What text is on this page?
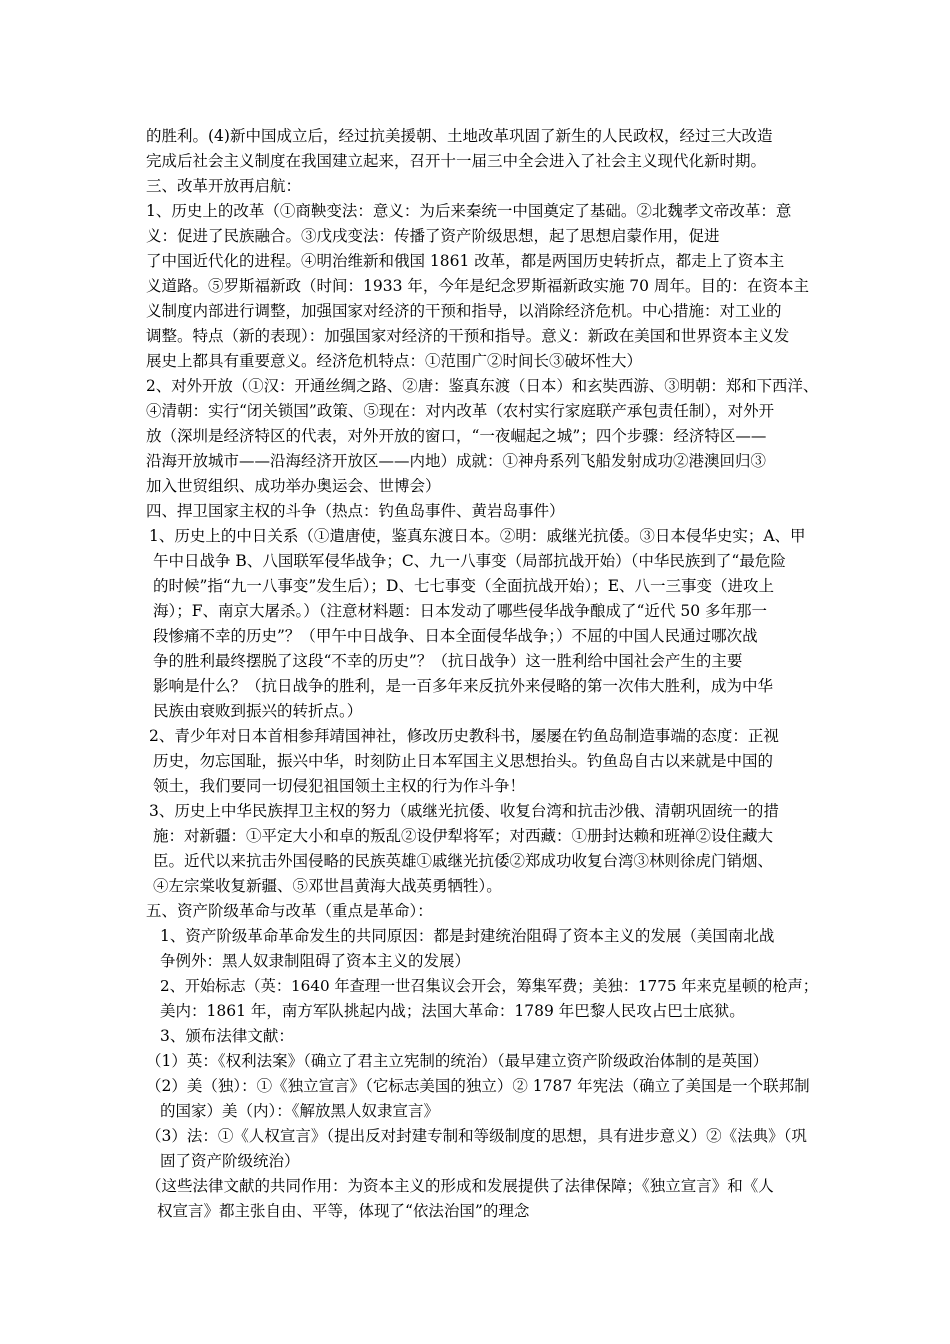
的胜利。(4)新中国成立后，经过抗美援朝、土地改革巩固了新生的人民政权，经过三大改造
完成后社会主义制度在我国建立起来，召开十一届三中全会进入了社会主义现代化新时期。
三、改革开放再启航：
1、历史上的改革（①商鞅变法：意义：为后来秦统一中国奠定了基础。②北魏孝文帝改革：意
义：促进了民族融合。③戊戌变法：传播了资产阶级思想，起了思想启蒙作用，促进
了中国近代化的进程。④明治维新和俄国 1861 改革，都是两国历史转折点，都走上了资本主
义道路。⑤罗斯福新政（时间：1933 年，今年是纪念罗斯福新政实施 70 周年。目的：在资本主
义制度内部进行调整，加强国家对经济的干预和指导，以消除经济危机。中心措施：对工业的
调整。特点（新的表现）：加强国家对经济的干预和指导。意义：新政在美国和世界资本主义发
展史上都具有重要意义。经济危机特点：①范围广②时间长③破坏性大）
2、对外开放（①汉：开通丝绸之路、②唐：鉴真东渡（日本）和玄奘西游、③明朝：郑和下西洋、
④清朝：实行“闭关锁国”政策、⑤现在：对内改革（农村实行家庭联产承包责任制），对外开
放（深圳是经济特区的代表，对外开放的窗口，“一夜崛起之城”；四个步骤：经济特区——
沿海开放城市——沿海经济开放区——内地）成就：①神舟系列飞船发射成功②港澳回归③
加入世贸组织、成功举办奥运会、世博会）
四、捍卫国家主权的斗争（热点：钓鱼岛事件、黄岩岛事件）
1、历史上的中日关系（①遣唐使，鉴真东渡日本。②明：戚继光抗倭。③日本侵华史实；A、甲
午中日战争 B、八国联军侵华战争；C、九一八事变（局部抗战开始）（中华民族到了“最危险
的时候”指“九一八事变”发生后）；D、七七事变（全面抗战开始）；E、八一三事变（进攻上
海）；F、南京大屠杀。）（注意材料题：日本发动了哪些侵华战争酿成了“近代 50 多年那一
段惨痛不幸的历史”？（甲午中日战争、日本全面侵华战争；）不屈的中国人民通过哪次战
争的胜利最终摆脱了这段“不幸的历史”？（抗日战争）这一胜利给中国社会产生的主要
影响是什么？（抗日战争的胜利，是一百多年来反抗外来侵略的第一次伟大胜利，成为中华
民族由衰败到振兴的转折点。）
2、青少年对日本首相参拜靖国神社，修改历史教科书，屡屡在钓鱼岛制造事端的态度：正视
历史，勿忘国耻，振兴中华，时刻防止日本军国主义思想抬头。钓鱼岛自古以来就是中国的
领土，我们要同一切侵犯祖国领土主权的行为作斗争！
3、历史上中华民族捍卫主权的努力（戚继光抗倭、收复台湾和抗击沙俄、清朝巩固统一的措
施：对新疆：①平定大小和卓的叛乱②设伊犁将军；对西藏：①册封达赖和班禅②设住藏大
臣。近代以来抗击外国侵略的民族英雄①戚继光抗倭②郑成功收复台湾③林则徐虎门销烟、
④左宗棠收复新疆、⑤邓世昌黄海大战英勇牺牲）。
五、资产阶级革命与改革（重点是革命）：
1、资产阶级革命革命发生的共同原因：都是封建统治阻碍了资本主义的发展（美国南北战
争例外：黑人奴隶制阻碍了资本主义的发展）
2、开始标志（英：1640 年查理一世召集议会开会，筹集军费；美独：1775 年来克星顿的枪声；
美内：1861 年，南方军队挑起内战；法国大革命：1789 年巴黎人民攻占巴士底狱。
3、颁布法律文献：
（1）英：《权利法案》（确立了君主立宪制的统治）（最早建立资产阶级政治体制的是英国）
（2）美（独）：①《独立宣言》（它标志美国的独立）② 1787 年宪法（确立了美国是一个联邦制
的国家）美（内）：《解放黑人奴隶宣言》
（3）法：①《人权宣言》（提出反对封建专制和等级制度的思想，具有进步意义）②《法典》（巩
固了资产阶级统治）
（这些法律文献的共同作用：为资本主义的形成和发展提供了法律保障；《独立宣言》和《人
权宣言》都主张自由、平等，体现了“依法治国”的理念
